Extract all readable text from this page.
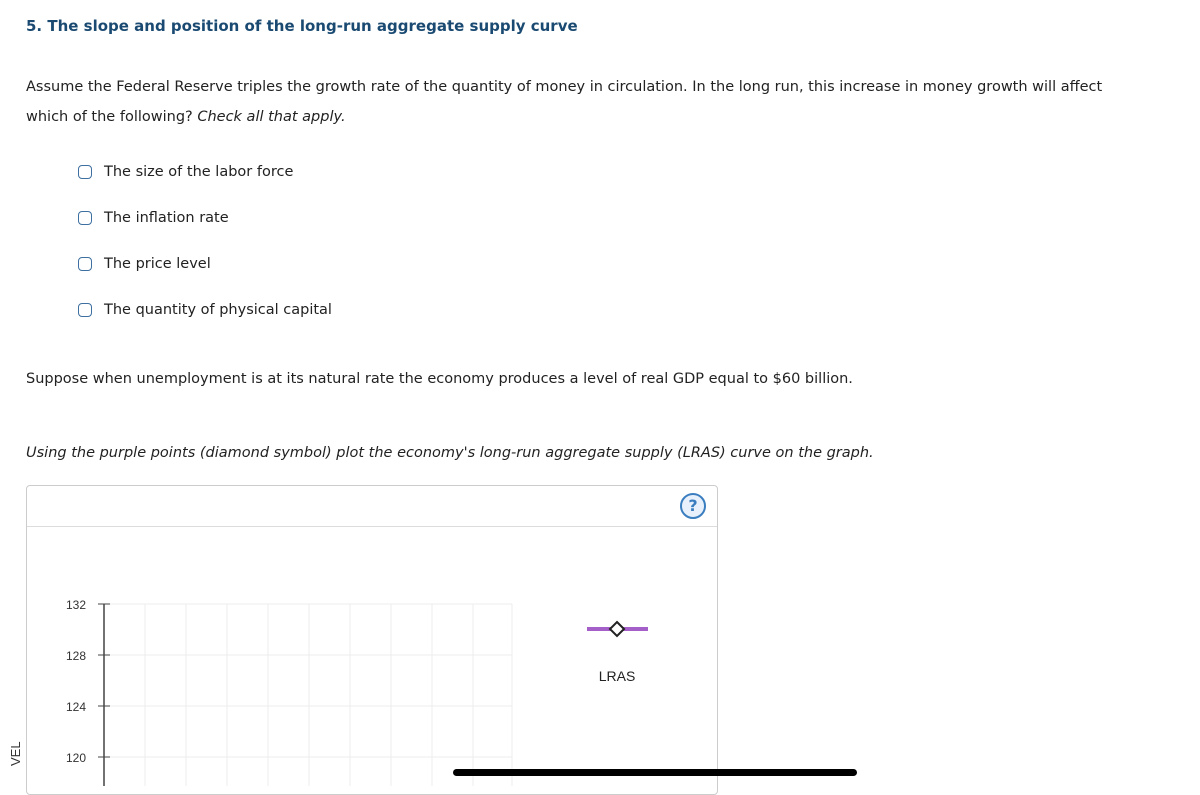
5. The slope and position of the long-run aggregate supply curve
Assume the Federal Reserve triples the growth rate of the quantity of money in circulation. In the long run, this increase in money growth will affect
which of the following? Check all that apply.
The size of the labor force
The inflation rate
The price level
The quantity of physical capital
Suppose when unemployment is at its natural rate the economy produces a level of real GDP equal to $60 billion.
Using the purple points (diamond symbol) plot the economy's long-run aggregate supply (LRAS) curve on the graph.
?
132
128
124
120
LRAS
VEL
